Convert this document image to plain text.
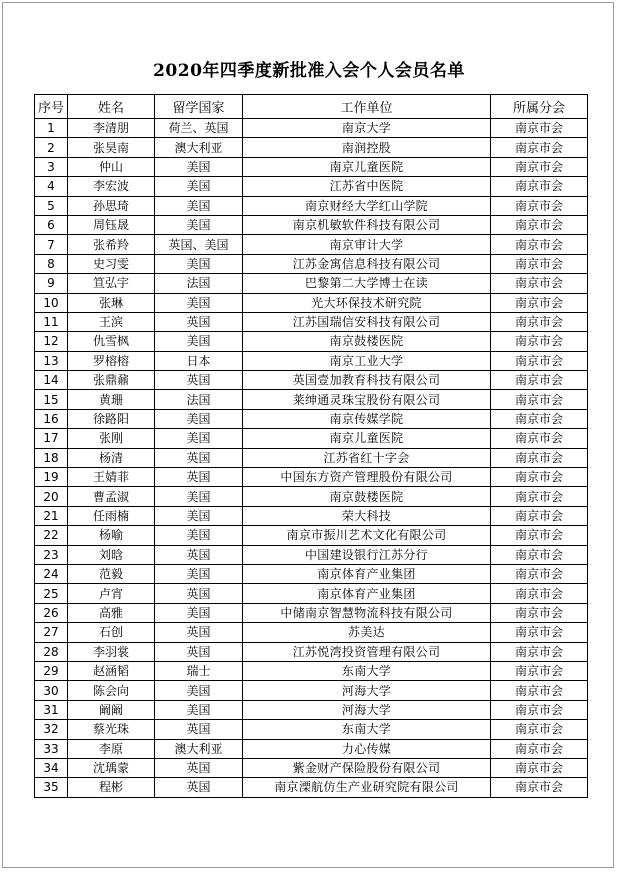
2020年四季度新批准入会个人会员名单
序号	姓名	留学国家	工作单位	所属分会
1	李清朋	荷兰、英国	南京大学	南京市会
2	张昊南	澳大利亚	南润控股	南京市会
3	仲山	美国	南京儿童医院	南京市会
4	李宏波	美国	江苏省中医院	南京市会
5	孙思琦	美国	南京财经大学红山学院	南京市会
6	周钰晟	美国	南京机敏软件科技有限公司	南京市会
7	张希羚	英国、美国	南京审计大学	南京市会
8	史习雯	美国	江苏金寓信息科技有限公司	南京市会
9	笪弘宇	法国	巴黎第二大学博士在读	南京市会
10	张琳	美国	光大环保技术研究院	南京市会
11	王滨	英国	江苏国瑞信安科技有限公司	南京市会
12	仇雪枫	美国	南京鼓楼医院	南京市会
13	罗榕榕	日本	南京工业大学	南京市会
14	张鼎鼐	英国	英国壹加教育科技有限公司	南京市会
15	黄珊	法国	莱绅通灵珠宝股份有限公司	南京市会
16	徐路阳	美国	南京传媒学院	南京市会
17	张刚	美国	南京儿童医院	南京市会
18	杨清	英国	江苏省红十字会	南京市会
19	王婧菲	英国	中国东方资产管理股份有限公司	南京市会
20	曹孟淑	美国	南京鼓楼医院	南京市会
21	任雨楠	美国	荣大科技	南京市会
22	杨喻	美国	南京市振川艺术文化有限公司	南京市会
23	刘晗	英国	中国建设银行江苏分行	南京市会
24	范毅	美国	南京体育产业集团	南京市会
25	卢宵	英国	南京体育产业集团	南京市会
26	高雅	美国	中储南京智慧物流科技有限公司	南京市会
27	石创	英国	苏美达	南京市会
28	李羽裳	英国	江苏悦湾投资管理有限公司	南京市会
29	赵涵韬	瑞士	东南大学	南京市会
30	陈会向	美国	河海大学	南京市会
31	阚阚	美国	河海大学	南京市会
32	蔡光珠	英国	东南大学	南京市会
33	李原	澳大利亚	力心传媒	南京市会
34	沈瑀蒙	英国	紫金财产保险股份有限公司	南京市会
35	程彬	英国	南京溧航仿生产业研究院有限公司	南京市会
